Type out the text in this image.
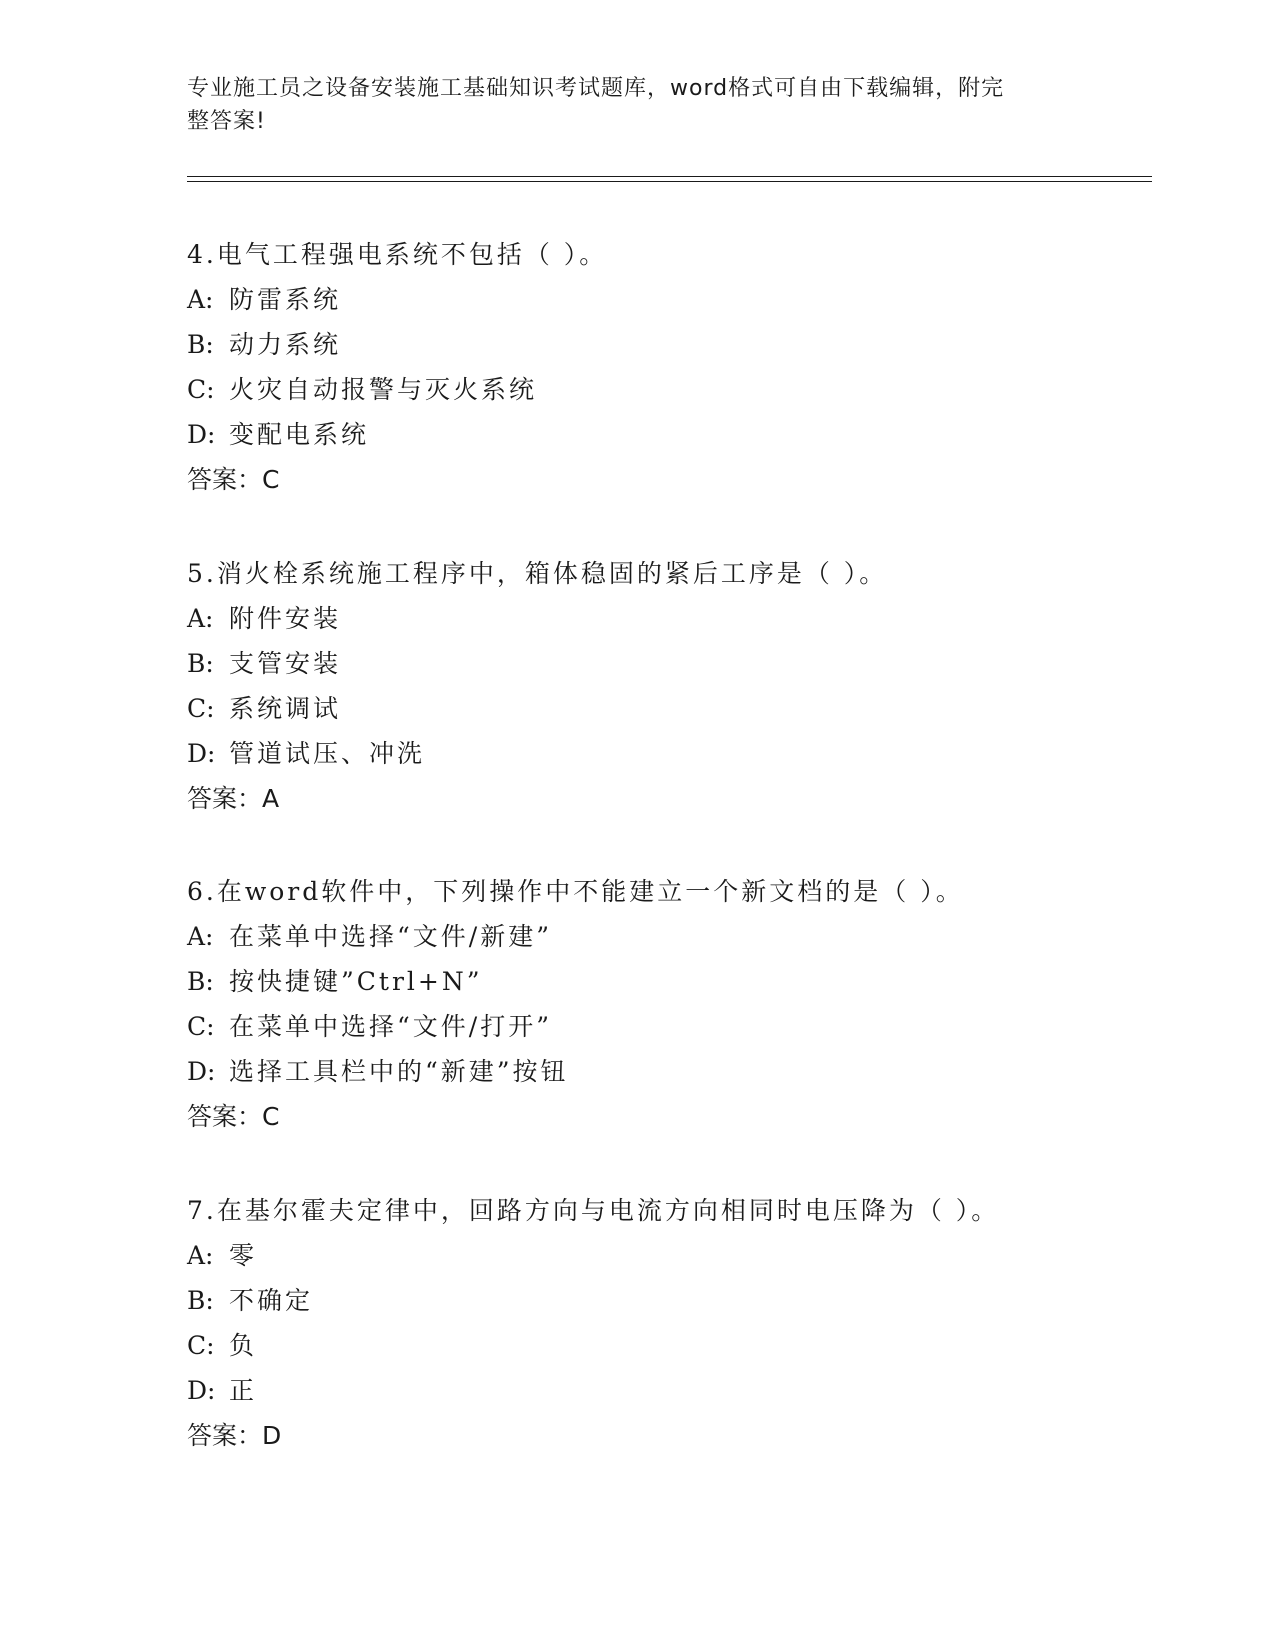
专业施工员之设备安装施工基础知识考试题库，word格式可自由下载编辑，附完
整答案!
4.电气工程强电系统不包括（ ）。
A: 防雷系统
B: 动力系统
C: 火灾自动报警与灭火系统
D: 变配电系统
答案：C
5.消火栓系统施工程序中，箱体稳固的紧后工序是（ ）。
A: 附件安装
B: 支管安装
C: 系统调试
D: 管道试压、冲洗
答案：A
6.在word软件中，下列操作中不能建立一个新文档的是（ ）。
A: 在菜单中选择“文件/新建”
B: 按快捷键”Ctrl+N”
C: 在菜单中选择“文件/打开”
D: 选择工具栏中的“新建”按钮
答案：C
7.在基尔霍夫定律中，回路方向与电流方向相同时电压降为（ ）。
A: 零
B: 不确定
C: 负
D: 正
答案：D
